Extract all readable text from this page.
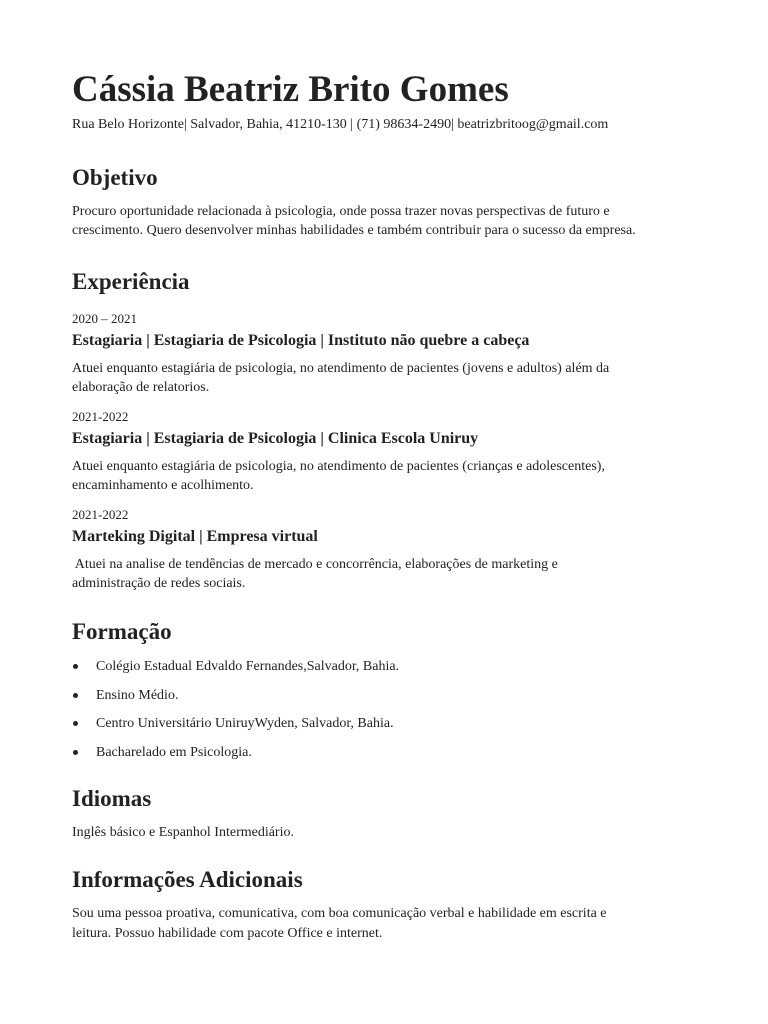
Cássia Beatriz Brito Gomes
Rua Belo Horizonte| Salvador, Bahia, 41210-130 | (71) 98634-2490| beatrizbritoog@gmail.com
Objetivo
Procuro oportunidade relacionada à psicologia, onde possa trazer novas perspectivas de futuro e
crescimento. Quero desenvolver minhas habilidades e também contribuir para o sucesso da empresa.
Experiência
2020 – 2021
Estagiaria | Estagiaria de Psicologia | Instituto não quebre a cabeça
Atuei enquanto estagiária de psicologia, no atendimento de pacientes (jovens e adultos) além da
elaboração de relatorios.
2021-2022
Estagiaria | Estagiaria de Psicologia | Clinica Escola Uniruy
Atuei enquanto estagiária de psicologia, no atendimento de pacientes (crianças e adolescentes),
encaminhamento e acolhimento.
2021-2022
Marteking Digital | Empresa virtual
Atuei na analise de tendências de mercado e concorrência, elaborações de marketing e
administração de redes sociais.
Formação
Colégio Estadual Edvaldo Fernandes,Salvador, Bahia.
Ensino Médio.
Centro Universitário UniruyWyden, Salvador, Bahia.
Bacharelado em Psicologia.
Idiomas
Inglês básico e Espanhol Intermediário.
Informações Adicionais
Sou uma pessoa proativa, comunicativa, com boa comunicação verbal e habilidade em escrita e
leitura. Possuo habilidade com pacote Office e internet.
